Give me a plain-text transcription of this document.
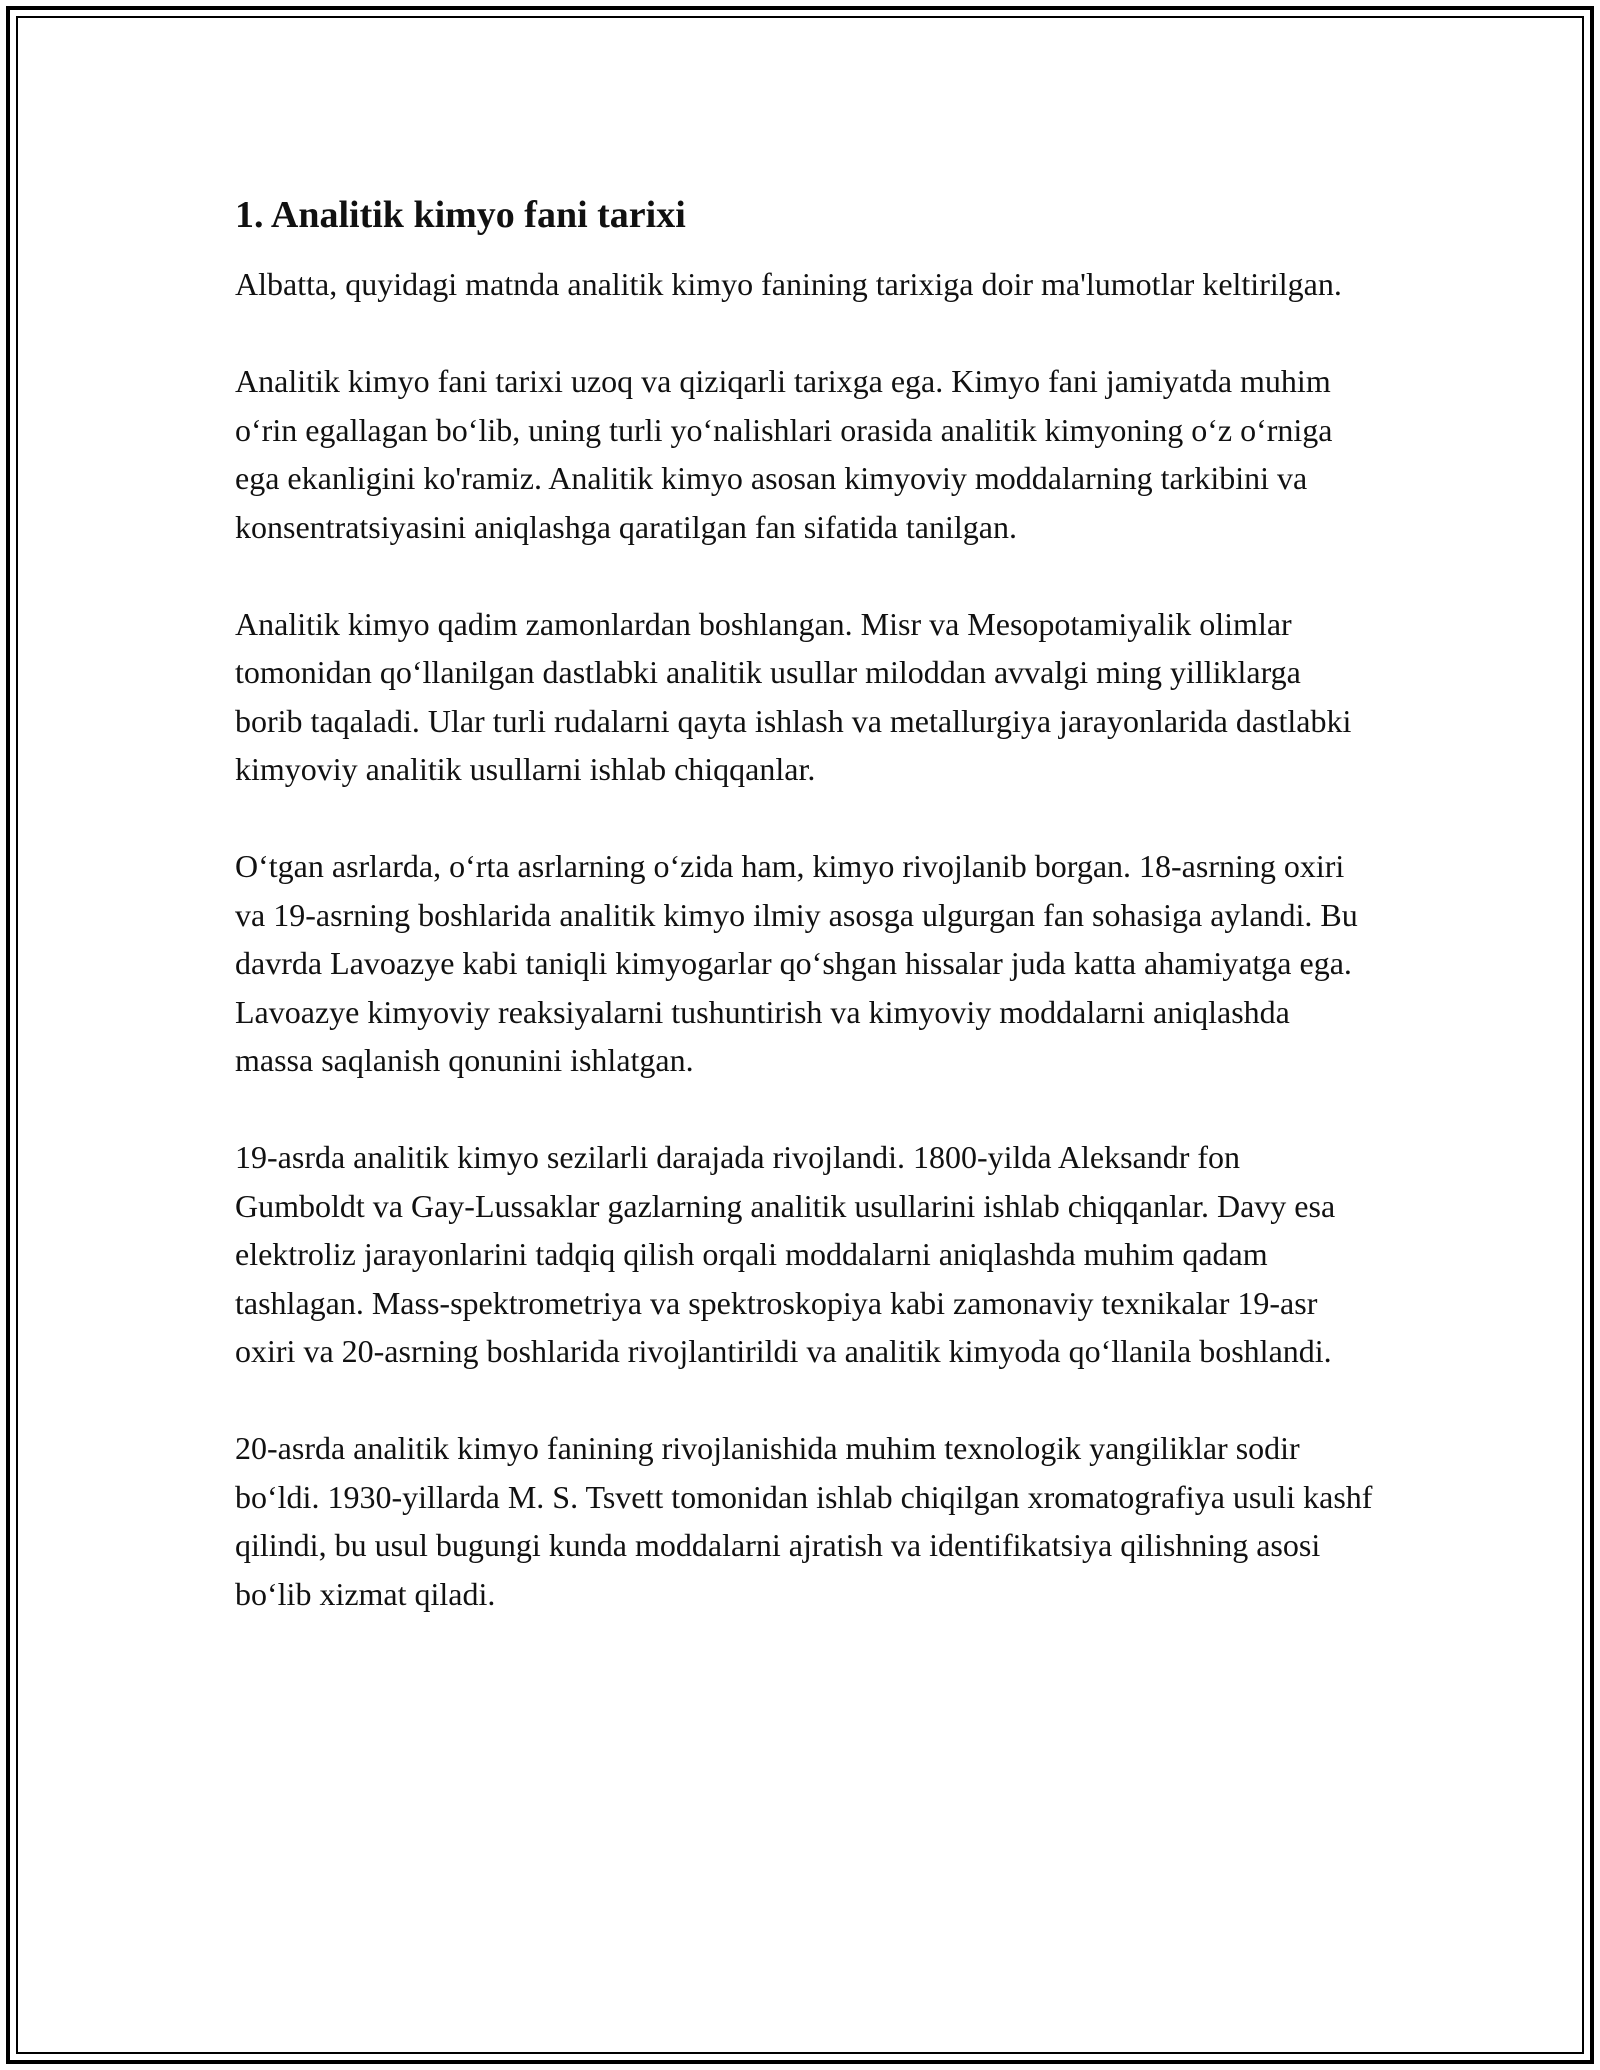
1. Analitik kimyo fani tarixi

Albatta, quyidagi matnda analitik kimyo fanining tarixiga doir ma'lumotlar keltirilgan.

Analitik kimyo fani tarixi uzoq va qiziqarli tarixga ega. Kimyo fani jamiyatda muhim o‘rin egallagan bo‘lib, uning turli yo‘nalishlari orasida analitik kimyoning o‘z o‘rniga ega ekanligini ko'ramiz. Analitik kimyo asosan kimyoviy moddalarning tarkibini va konsentratsiyasini aniqlashga qaratilgan fan sifatida tanilgan.

Analitik kimyo qadim zamonlardan boshlangan. Misr va Mesopotamiyalik olimlar tomonidan qo‘llanilgan dastlabki analitik usullar miloddan avvalgi ming yilliklarga borib taqaladi. Ular turli rudalarni qayta ishlash va metallurgiya jarayonlarida dastlabki kimyoviy analitik usullarni ishlab chiqqanlar.

O‘tgan asrlarda, o‘rta asrlarning o‘zida ham, kimyo rivojlanib borgan. 18-asrning oxiri va 19-asrning boshlarida analitik kimyo ilmiy asosga ulgurgan fan sohasiga aylandi. Bu davrda Lavoazye kabi taniqli kimyogarlar qo‘shgan hissalar juda katta ahamiyatga ega. Lavoazye kimyoviy reaksiyalarni tushuntirish va kimyoviy moddalarni aniqlashda massa saqlanish qonunini ishlatgan.

19-asrda analitik kimyo sezilarli darajada rivojlandi. 1800-yilda Aleksandr fon Gumboldt va Gay-Lussaklar gazlarning analitik usullarini ishlab chiqqanlar. Davy esa elektroliz jarayonlarini tadqiq qilish orqali moddalarni aniqlashda muhim qadam tashlagan. Mass-spektrometriya va spektroskopiya kabi zamonaviy texnikalar 19-asr oxiri va 20-asrning boshlarida rivojlantirildi va analitik kimyoda qo‘llanila boshlandi.

20-asrda analitik kimyo fanining rivojlanishida muhim texnologik yangiliklar sodir bo‘ldi. 1930-yillarda M. S. Tsvett tomonidan ishlab chiqilgan xromatografiya usuli kashf qilindi, bu usul bugungi kunda moddalarni ajratish va identifikatsiya qilishning asosi bo‘lib xizmat qiladi.
